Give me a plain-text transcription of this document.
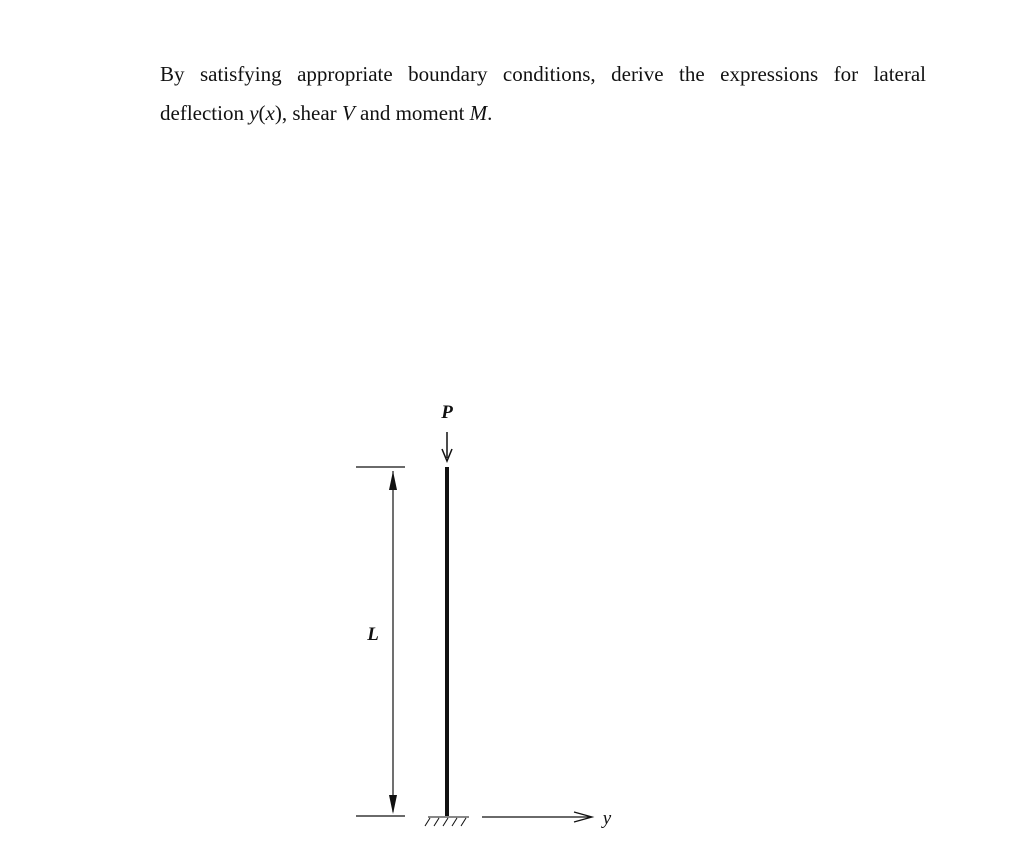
By satisfying appropriate boundary conditions, derive the expressions for lateral
deflection y(x), shear V and moment M.
P
L
y
